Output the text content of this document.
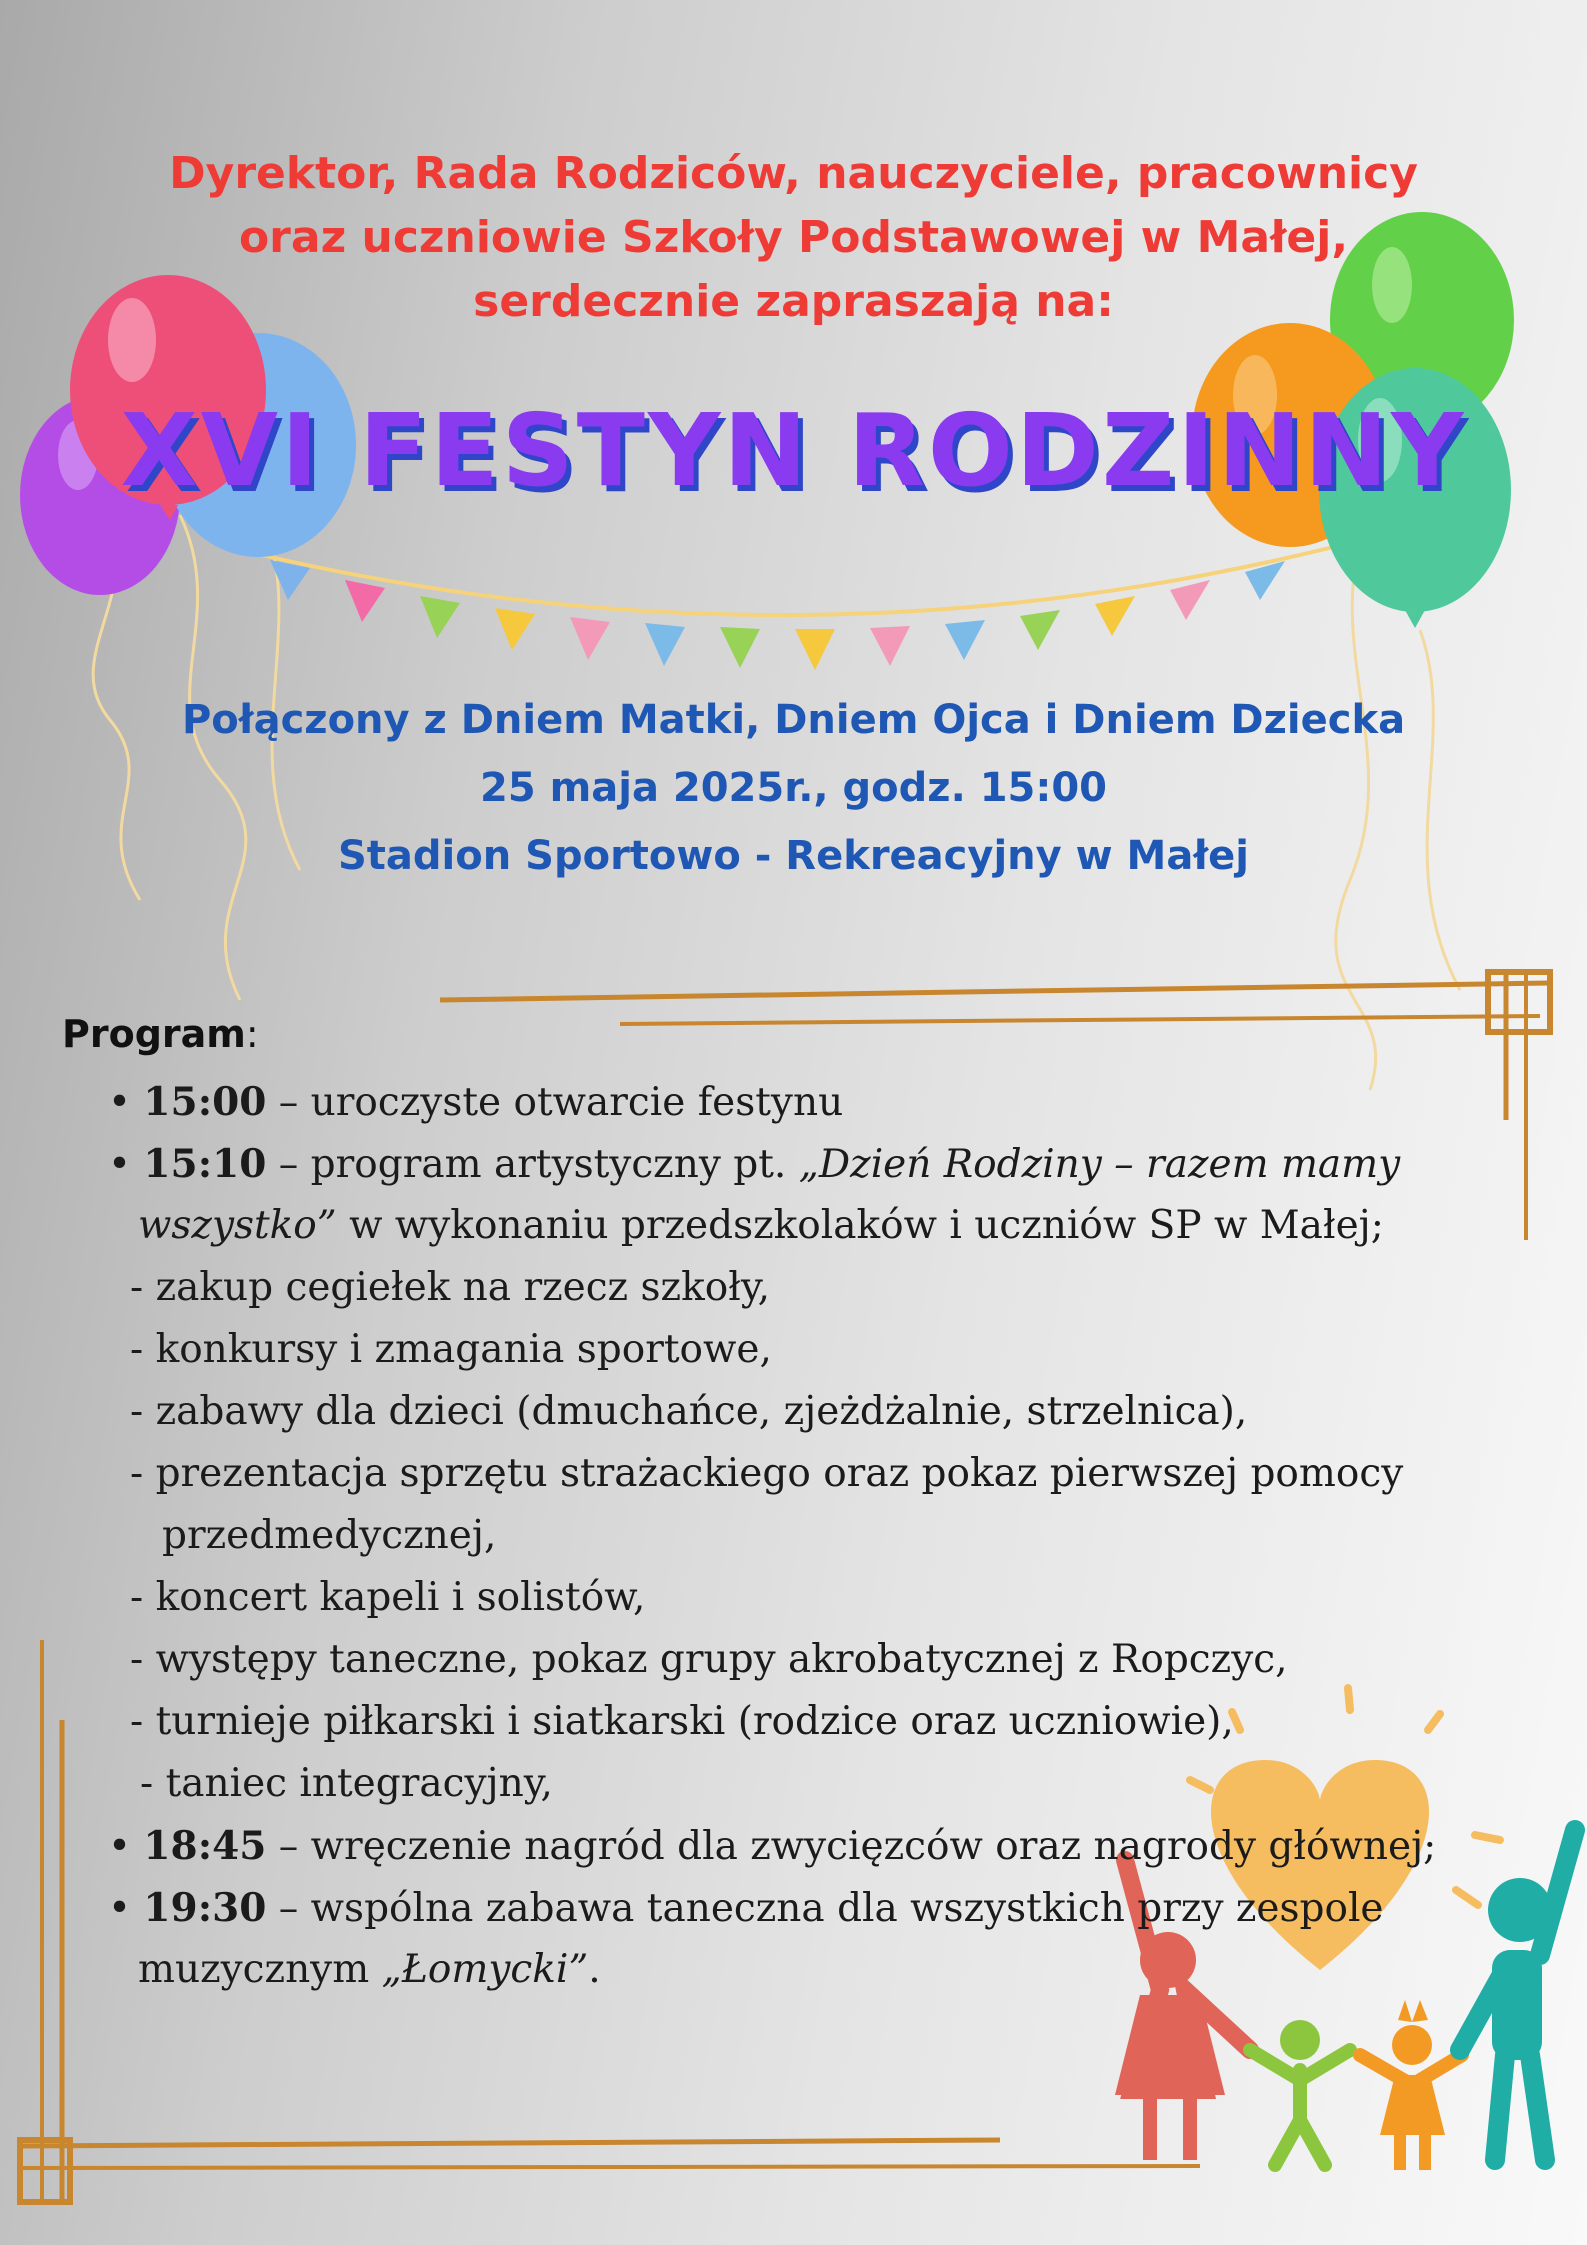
Dyrektor, Rada Rodziców, nauczyciele, pracownicy
oraz uczniowie Szkoły Podstawowej w Małej,
serdecznie zapraszają na:
XVI FESTYN RODZINNY
Połączony z Dniem Matki, Dniem Ojca i Dniem Dziecka
25 maja 2025r., godz. 15:00
Stadion Sportowo - Rekreacyjny w Małej
Program:
• 15:00 – uroczyste otwarcie festynu
• 15:10 – program artystyczny pt. „Dzień Rodziny – razem mamy
wszystko” w wykonaniu przedszkolaków i uczniów SP w Małej;
- zakup cegiełek na rzecz szkoły,
- konkursy i zmagania sportowe,
- zabawy dla dzieci (dmuchańce, zjeżdżalnie, strzelnica),
- prezentacja sprzętu strażackiego oraz pokaz pierwszej pomocy
przedmedycznej,
- koncert kapeli i solistów,
- występy taneczne, pokaz grupy akrobatycznej z Ropczyc,
- turnieje piłkarski i siatkarski (rodzice oraz uczniowie),
- taniec integracyjny,
• 18:45 – wręczenie nagród dla zwycięzców oraz nagrody głównej;
• 19:30 – wspólna zabawa taneczna dla wszystkich przy zespole
muzycznym „Łomycki”.
